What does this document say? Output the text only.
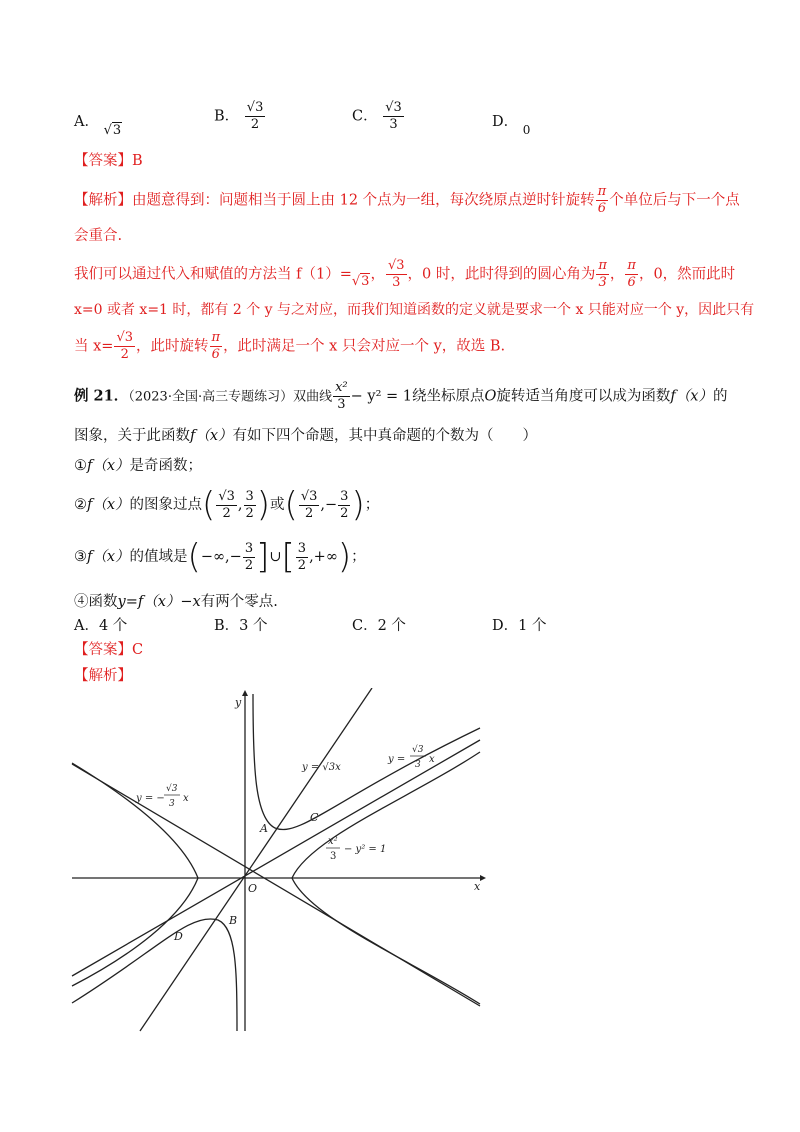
A． √3
B． $\frac{√3}{2}$	C． $\frac{√3}{3}$	D． $_0$
【答案】B
【解析】由题意得到：问题相当于圆上由 12 个点为一组，每次绕原点逆时针旋转 $\frac{\pi}{6}$ 个单位后与下一个点
会重合.
我们可以通过代入和赋值的方法当 f（1）=√3， $\frac{√3}{3}$ ，0 时，此时得到的圆心角为 $\frac{\pi}{3}$ ， $\frac{\pi}{6}$ ，0，然而此时
x=0 或者 x=1 时，都有 2 个 y 与之对应，而我们知道函数的定义就是要求一个 x 只能对应一个 y，因此只有
当 $x= \frac{√3}{2}$ ，此时旋转 $\frac{\pi}{6}$ ，此时满足一个 x 只会对应一个 y，故选 B.
例 21．（2023·全国·高三专题练习）双曲线 $\frac{\text{x²}}{3} - y^2 = 1$绕坐标原点O旋转适当角度可以成为函数f（x）的
图象，关于此函数f（x）有如下四个命题，其中真命题的个数为（　　）
①f（x）是奇函数；
②f（x）的图象过点( $\frac{√3}{2}$ , $\frac{3}{2}$ )或( $\frac{√3}{2}$ ,− $\frac{3}{2}$ )；
③f（x）的值域是(−∞,− $\frac{3}{2}$ ]∪[ $\frac{3}{2}$ ,+∞)；
④函数y=f（x）−x有两个零点.
A．4 个	B．3 个	C．2 个	D．1 个
【答案】C
【解析】
x
y
O
A
B
C
D
y = √3x
y =
√3
3 x
y = −
√3
3 x
x²
3
− y² = 1
